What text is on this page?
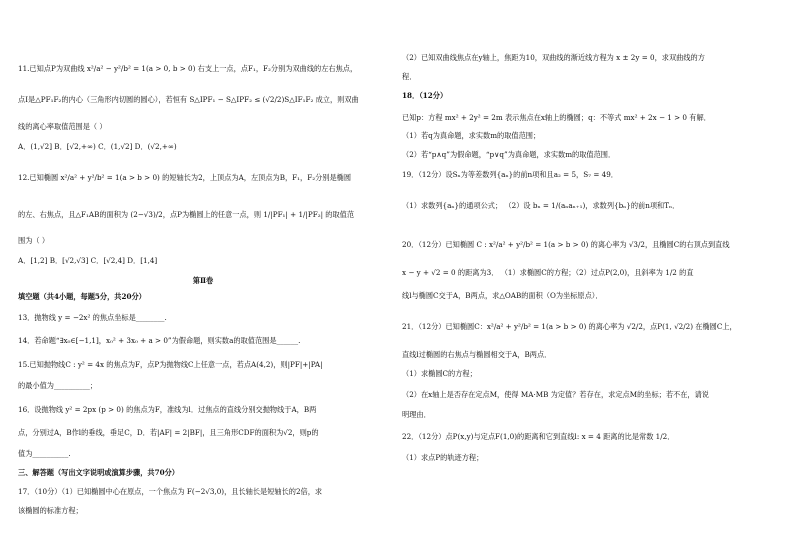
11.已知点P为双曲线 x²/a² − y²/b² = 1(a > 0, b > 0) 右支上一点，点F₁，F₂分别为双曲线的左右焦点，
点I是△PF₁F₂的内心（三角形内切圆的圆心），若恒有 S△IPF₁ − S△IPF₂ ≤ (√2/2)S△IF₁F₂ 成立，则双曲
线的离心率取值范围是（ ）
A．(1,√2] B．[√2,+∞) C．(1,√2] D．(√2,+∞)
12.已知椭圆 x²/a² + y²/b² = 1(a > b > 0) 的短轴长为2，上顶点为A，左顶点为B，F₁，F₂分别是椭圆
的左、右焦点，且△F₁AB的面积为 (2−√3)/2，点P为椭圆上的任意一点，则 1/|PF₁| + 1/|PF₂| 的取值范
围为（ ）
A．[1,2] B．[√2,√3] C．[√2,4] D．[1,4]
第Ⅱ卷
填空题（共4小题，每题5分，共20分）
13．抛物线 y = −2x² 的焦点坐标是________.
14．若命题“∃x₀∈[−1,1]，x₀² + 3x₀ + a > 0”为假命题，则实数a的取值范围是______.
15.已知抛物线C : y² = 4x 的焦点为F，点P为抛物线C上任意一点，若点A(4,2)，则|PF|+|PA|
的最小值为__________；
16．设抛物线 y² = 2px (p > 0) 的焦点为F，准线为l．过焦点的直线分别交抛物线于A，B两
点，分别过A，B作l的垂线，垂足C，D．若|AF| = 2|BF|，且三角形CDF的面积为√2，则p的
值为__________.
三、解答题（写出文字说明或演算步骤，共70分）
17．（10分）（1）已知椭圆中心在原点，一个焦点为 F(−2√3,0)，且长轴长是短轴长的2倍，求
该椭圆的标准方程；
（2）已知双曲线焦点在y轴上，焦距为10，双曲线的渐近线方程为 x ± 2y = 0，求双曲线的方
程．
18．（12分）
已知p：方程 mx² + 2y² = 2m 表示焦点在x轴上的椭圆；q：不等式 mx² + 2x − 1 > 0 有解．
（1）若q为真命题，求实数m的取值范围；
（2）若“p∧q”为假命题，“p∨q”为真命题，求实数m的取值范围．
19．（12分）设Sₙ为等差数列{aₙ}的前n项和且a₂ = 5，S₇ = 49．
（1）求数列{aₙ}的通项公式； （2）设 bₙ = 1/(aₙaₙ₊₁)，求数列{bₙ}的前n项和Tₙ．
20．（12分）已知椭圆 C : x²/a² + y²/b² = 1(a > b > 0) 的离心率为 √3/2，且椭圆C的右顶点到直线
x − y + √2 = 0 的距离为3． （1）求椭圆C的方程；（2）过点P(2,0)，且斜率为 1/2 的直
线l与椭圆C交于A，B两点，求△OAB的面积（O为坐标原点）．
21．（12分）已知椭圆C：x²/a² + y²/b² = 1(a > b > 0) 的离心率为 √2/2，点P(1, √2/2) 在椭圆C上，
直线l过椭圆的右焦点与椭圆相交于A，B两点．
（1）求椭圆C的方程；
（2）在x轴上是否存在定点M，使得 MA·MB 为定值？若存在，求定点M的坐标；若不在，请说
明理由．
22．（12分）点P(x,y)与定点F(1,0)的距离和它到直线l: x = 4 距离的比是常数 1/2．
（1）求点P的轨迹方程；
